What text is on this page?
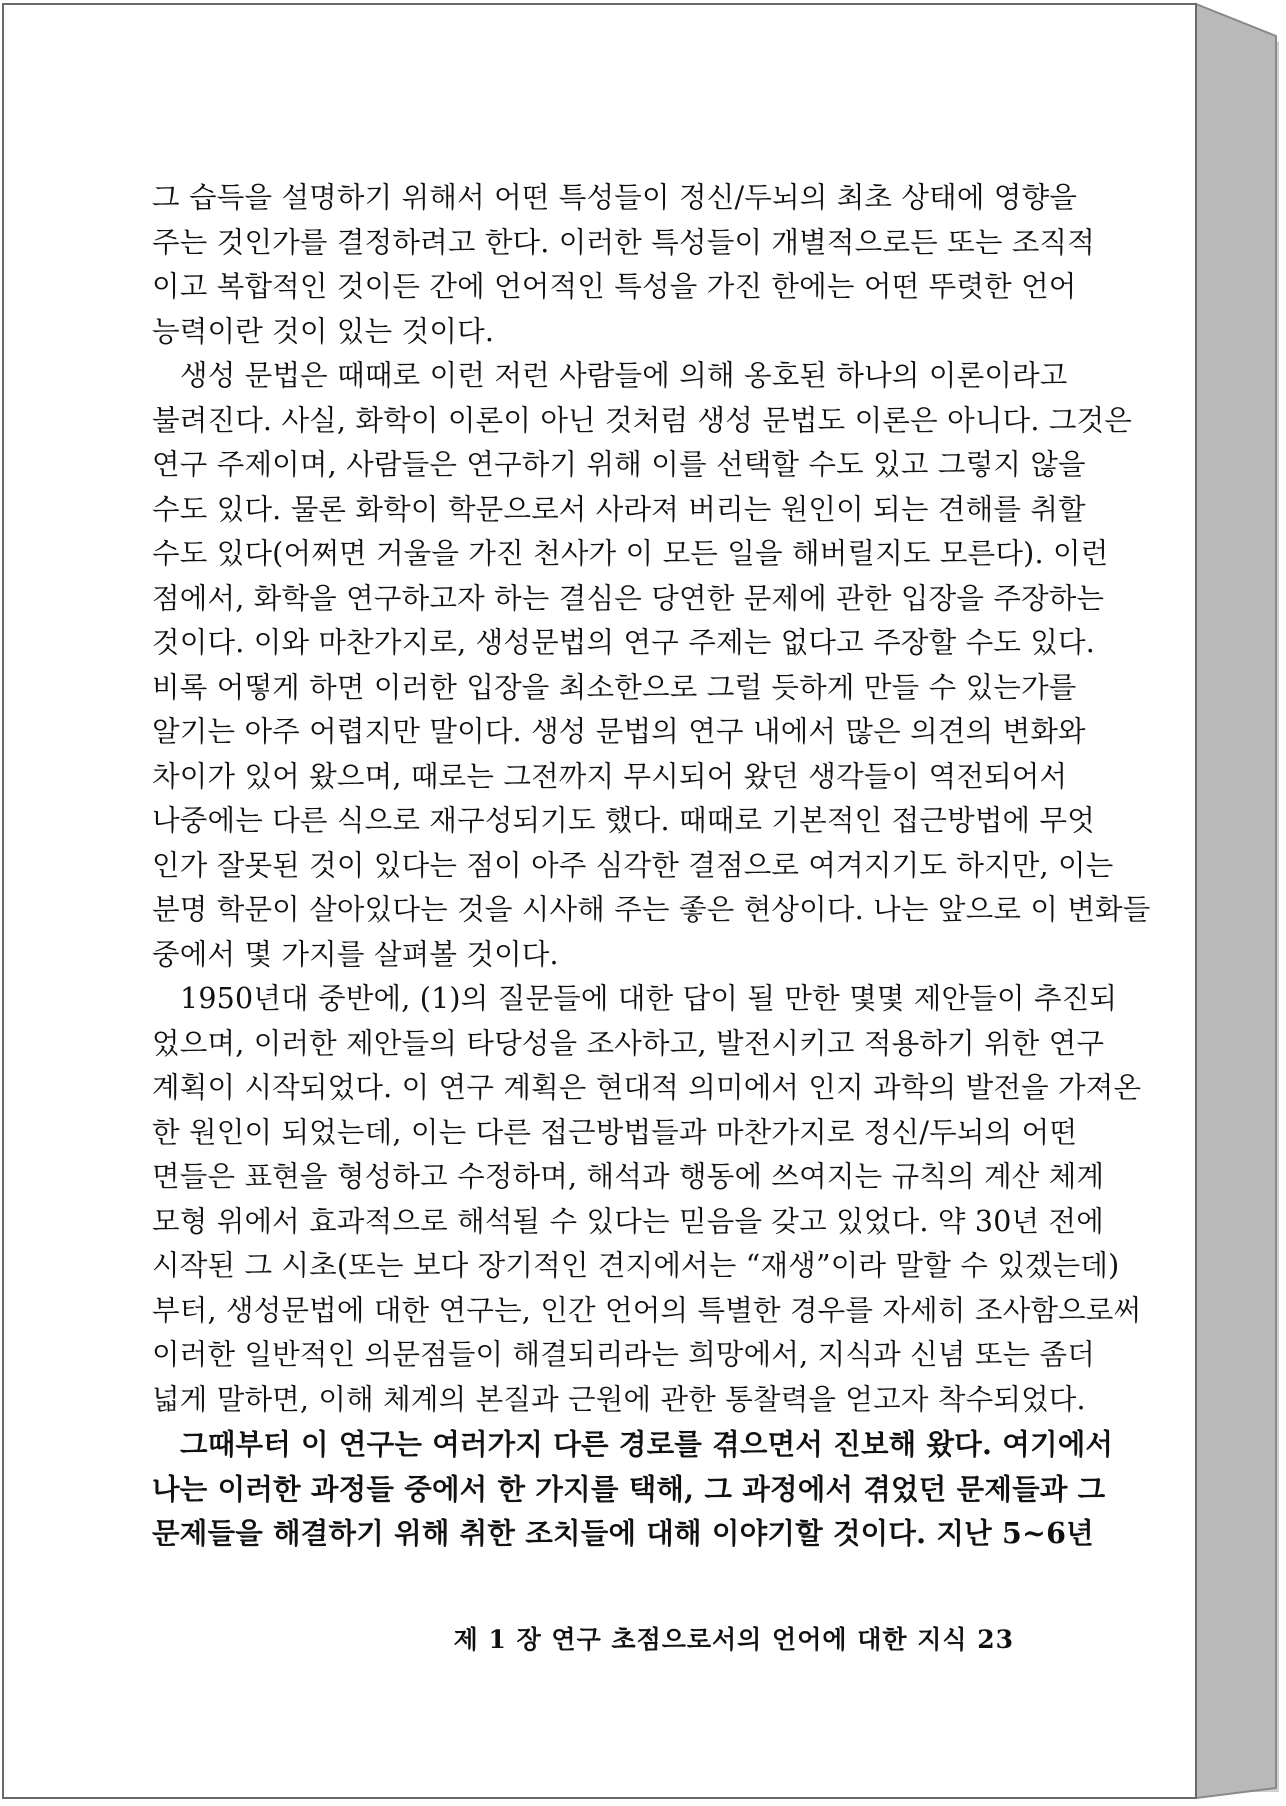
그 습득을 설명하기 위해서 어떤 특성들이 정신/두뇌의 최초 상태에 영향을
주는 것인가를 결정하려고 한다. 이러한 특성들이 개별적으로든 또는 조직적
이고 복합적인 것이든 간에 언어적인 특성을 가진 한에는 어떤 뚜렷한 언어
능력이란 것이 있는 것이다.
생성 문법은 때때로 이런 저런 사람들에 의해 옹호된 하나의 이론이라고
불려진다. 사실, 화학이 이론이 아닌 것처럼 생성 문법도 이론은 아니다. 그것은
연구 주제이며, 사람들은 연구하기 위해 이를 선택할 수도 있고 그렇지 않을
수도 있다. 물론 화학이 학문으로서 사라져 버리는 원인이 되는 견해를 취할
수도 있다(어쩌면 거울을 가진 천사가 이 모든 일을 해버릴지도 모른다). 이런
점에서, 화학을 연구하고자 하는 결심은 당연한 문제에 관한 입장을 주장하는
것이다. 이와 마찬가지로, 생성문법의 연구 주제는 없다고 주장할 수도 있다.
비록 어떻게 하면 이러한 입장을 최소한으로 그럴 듯하게 만들 수 있는가를
알기는 아주 어렵지만 말이다. 생성 문법의 연구 내에서 많은 의견의 변화와
차이가 있어 왔으며, 때로는 그전까지 무시되어 왔던 생각들이 역전되어서
나중에는 다른 식으로 재구성되기도 했다. 때때로 기본적인 접근방법에 무엇
인가 잘못된 것이 있다는 점이 아주 심각한 결점으로 여겨지기도 하지만, 이는
분명 학문이 살아있다는 것을 시사해 주는 좋은 현상이다. 나는 앞으로 이 변화들
중에서 몇 가지를 살펴볼 것이다.
1950년대 중반에, (1)의 질문들에 대한 답이 될 만한 몇몇 제안들이 추진되
었으며, 이러한 제안들의 타당성을 조사하고, 발전시키고 적용하기 위한 연구
계획이 시작되었다. 이 연구 계획은 현대적 의미에서 인지 과학의 발전을 가져온
한 원인이 되었는데, 이는 다른 접근방법들과 마찬가지로 정신/두뇌의 어떤
면들은 표현을 형성하고 수정하며, 해석과 행동에 쓰여지는 규칙의 계산 체계
모형 위에서 효과적으로 해석될 수 있다는 믿음을 갖고 있었다. 약 30년 전에
시작된 그 시초(또는 보다 장기적인 견지에서는 “재생”이라 말할 수 있겠는데)
부터, 생성문법에 대한 연구는, 인간 언어의 특별한 경우를 자세히 조사함으로써
이러한 일반적인 의문점들이 해결되리라는 희망에서, 지식과 신념 또는 좀더
넓게 말하면, 이해 체계의 본질과 근원에 관한 통찰력을 얻고자 착수되었다.
그때부터 이 연구는 여러가지 다른 경로를 겪으면서 진보해 왔다. 여기에서
나는 이러한 과정들 중에서 한 가지를 택해, 그 과정에서 겪었던 문제들과 그
문제들을 해결하기 위해 취한 조치들에 대해 이야기할 것이다. 지난 5~6년
제 1 장 연구 초점으로서의 언어에 대한 지식 23
